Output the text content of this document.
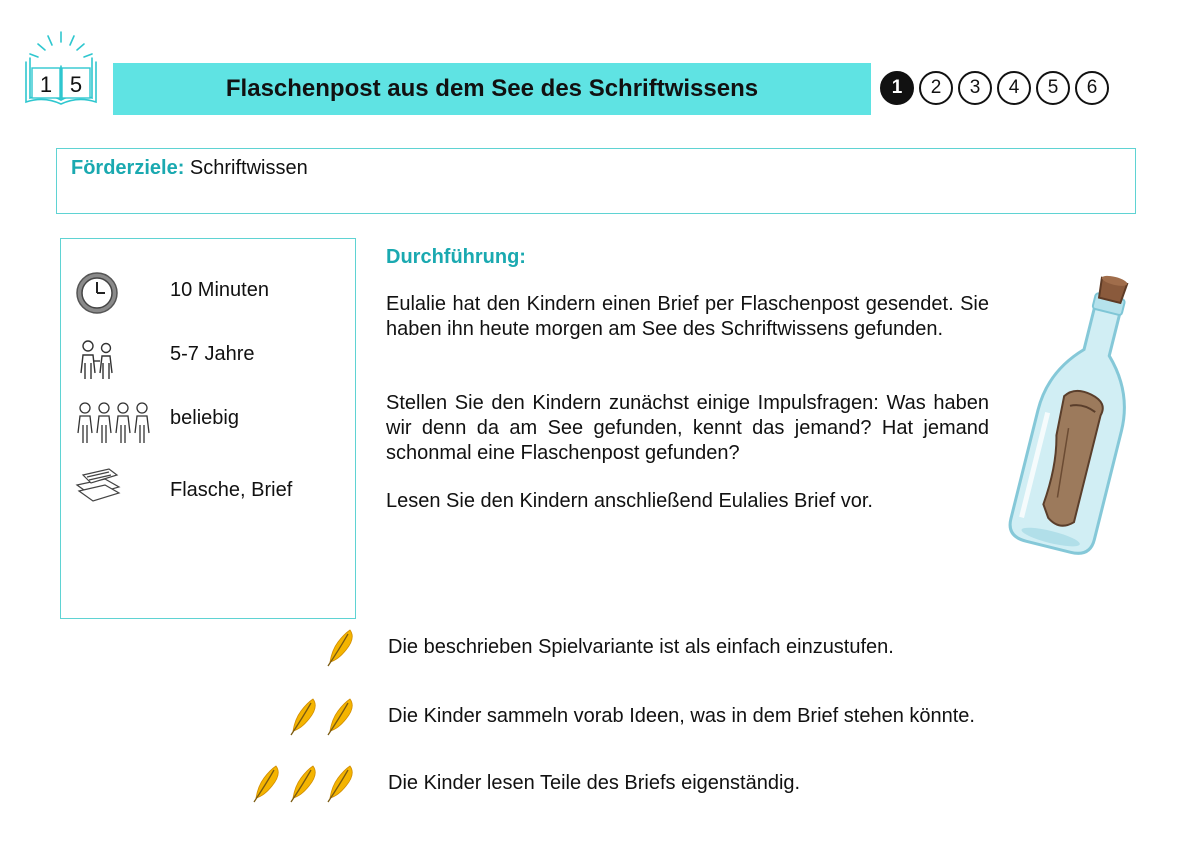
1 5	Flaschenpost aus dem See des Schriftwissens	1	2	3	4	5	6
Förderziele: Schriftwissen
10 Minuten
5-7 Jahre
beliebig
Flasche, Brief
Durchführung:

Eulalie hat den Kindern einen Brief per Flaschenpost gesendet. Sie haben ihn heute morgen am See des Schriftwissens gefunden.

Stellen Sie den Kindern zunächst einige Impulsfragen: Was haben wir denn da am See gefunden, kennt das jemand? Hat jemand schonmal eine Flaschenpost gefunden?

Lesen Sie den Kindern anschließend Eulalies Brief vor.

Die beschrieben Spielvariante ist als einfach einzustufen.
Die Kinder sammeln vorab Ideen, was in dem Brief stehen könnte.
Die Kinder lesen Teile des Briefs eigenständig.
